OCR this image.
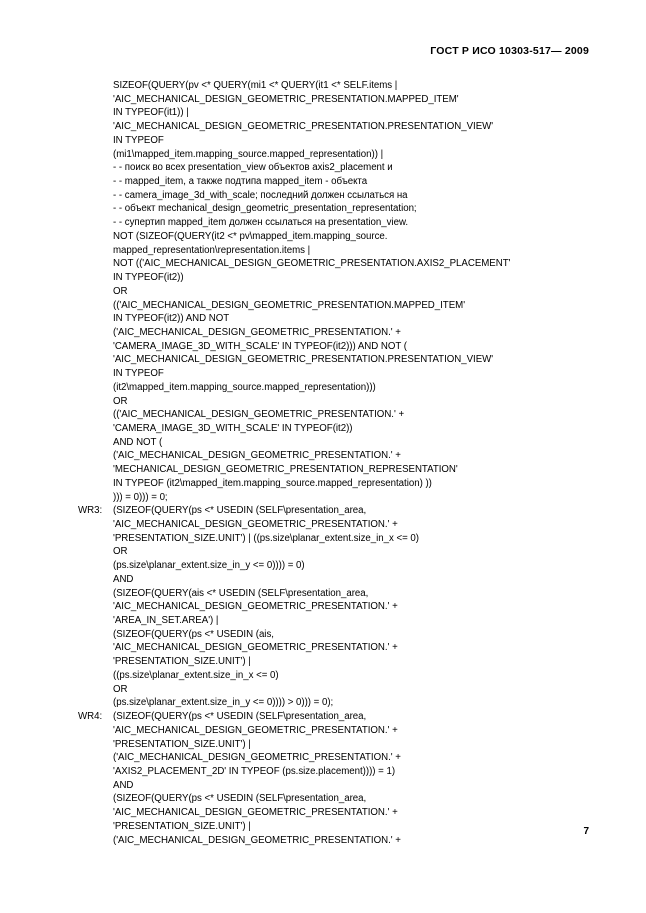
ГОСТ Р ИСО 10303-517— 2009
SIZEOF(QUERY(pv <* QUERY(mi1 <* QUERY(it1 <* SELF.items |
'AIC_MECHANICAL_DESIGN_GEOMETRIC_PRESENTATION.MAPPED_ITEM'
IN TYPEOF(it1)) |
'AIC_MECHANICAL_DESIGN_GEOMETRIC_PRESENTATION.PRESENTATION_VIEW'
IN TYPEOF
(mi1\mapped_item.mapping_source.mapped_representation)) |
- - поиск во всех presentation_view объектов axis2_placement и
- - mapped_item, а также подтипа mapped_item - объекта
- - camera_image_3d_with_scale; последний должен ссылаться на
- - объект mechanical_design_geometric_presentation_representation;
- - супертип mapped_item должен ссылаться на presentation_view.
NOT (SIZEOF(QUERY(it2 <* pv\mapped_item.mapping_source.
mapped_representation\representation.items |
NOT (('AIC_MECHANICAL_DESIGN_GEOMETRIC_PRESENTATION.AXIS2_PLACEMENT'
IN TYPEOF(it2))
OR
(('AIC_MECHANICAL_DESIGN_GEOMETRIC_PRESENTATION.MAPPED_ITEM'
IN TYPEOF(it2)) AND NOT
('AIC_MECHANICAL_DESIGN_GEOMETRIC_PRESENTATION.' +
'CAMERA_IMAGE_3D_WITH_SCALE' IN TYPEOF(it2))) AND NOT (
'AIC_MECHANICAL_DESIGN_GEOMETRIC_PRESENTATION.PRESENTATION_VIEW'
IN TYPEOF
(it2\mapped_item.mapping_source.mapped_representation)))
OR
(('AIC_MECHANICAL_DESIGN_GEOMETRIC_PRESENTATION.' +
'CAMERA_IMAGE_3D_WITH_SCALE' IN TYPEOF(it2))
AND NOT (
('AIC_MECHANICAL_DESIGN_GEOMETRIC_PRESENTATION.' +
'MECHANICAL_DESIGN_GEOMETRIC_PRESENTATION_REPRESENTATION'
IN TYPEOF (it2\mapped_item.mapping_source.mapped_representation) ))
))) = 0))) = 0;
WR3:	(SIZEOF(QUERY(ps <* USEDIN (SELF\presentation_area,
'AIC_MECHANICAL_DESIGN_GEOMETRIC_PRESENTATION.' +
'PRESENTATION_SIZE.UNIT') | ((ps.size\planar_extent.size_in_x <= 0)
OR
(ps.size\planar_extent.size_in_y <= 0)))) = 0)
AND
(SIZEOF(QUERY(ais <* USEDIN (SELF\presentation_area,
'AIC_MECHANICAL_DESIGN_GEOMETRIC_PRESENTATION.' +
'AREA_IN_SET.AREA') |
(SIZEOF(QUERY(ps <* USEDIN (ais,
'AIC_MECHANICAL_DESIGN_GEOMETRIC_PRESENTATION.' +
'PRESENTATION_SIZE.UNIT') |
((ps.size\planar_extent.size_in_x <= 0)
OR
(ps.size\planar_extent.size_in_y <= 0)))) > 0))) = 0);
WR4:	(SIZEOF(QUERY(ps <* USEDIN (SELF\presentation_area,
'AIC_MECHANICAL_DESIGN_GEOMETRIC_PRESENTATION.' +
'PRESENTATION_SIZE.UNIT') |
('AIC_MECHANICAL_DESIGN_GEOMETRIC_PRESENTATION.' +
'AXIS2_PLACEMENT_2D' IN TYPEOF (ps.size.placement)))) = 1)
AND
(SIZEOF(QUERY(ps <* USEDIN (SELF\presentation_area,
'AIC_MECHANICAL_DESIGN_GEOMETRIC_PRESENTATION.' +
'PRESENTATION_SIZE.UNIT') |
('AIC_MECHANICAL_DESIGN_GEOMETRIC_PRESENTATION.' +
7
